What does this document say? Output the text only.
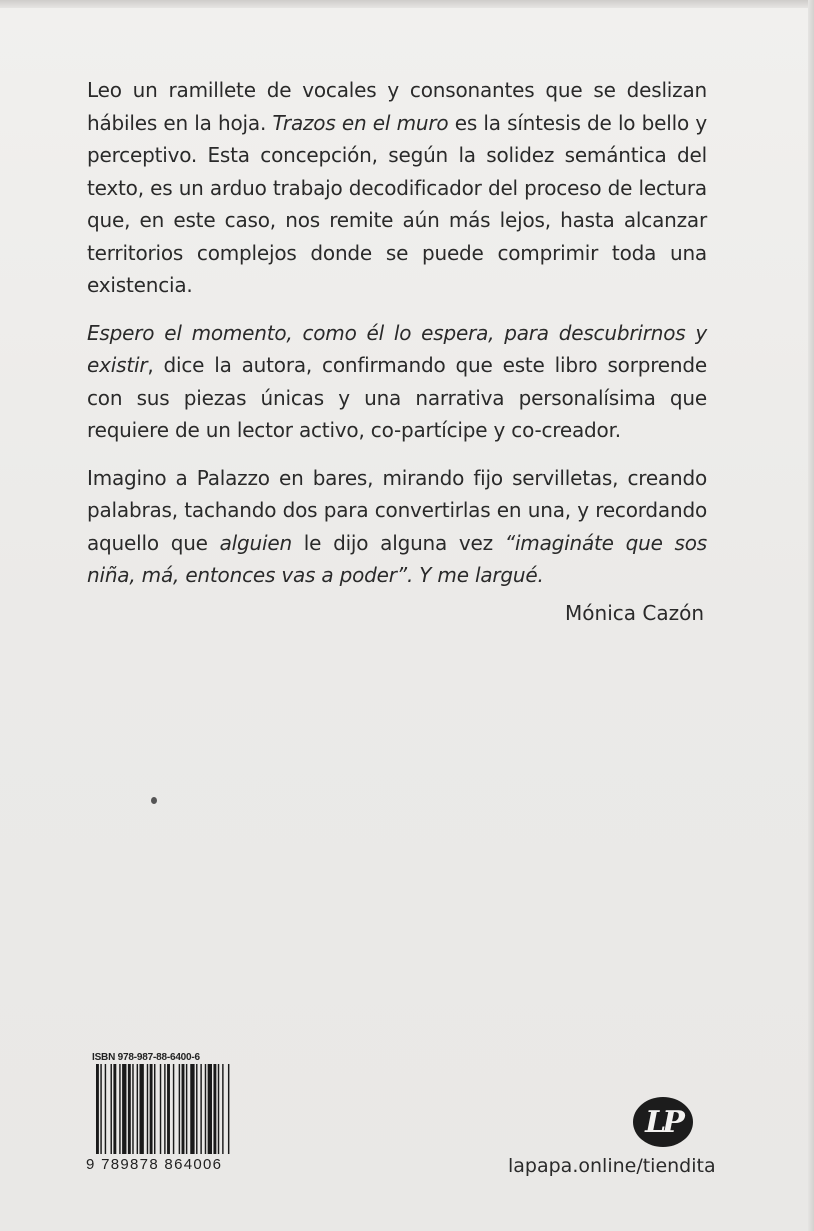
Leo un ramillete de vocales y consonantes que se deslizan hábiles en la hoja. Trazos en el muro es la síntesis de lo bello y perceptivo. Esta concepción, según la solidez semántica del texto, es un arduo trabajo decodificador del proceso de lectura que, en este caso, nos remite aún más lejos, hasta alcanzar territorios complejos donde se puede comprimir toda una existencia.

Espero el momento, como él lo espera, para descubrirnos y existir, dice la autora, confirmando que este libro sorprende con sus piezas únicas y una narrativa personalísima que requiere de un lector activo, co-partícipe y co-creador.

Imagino a Palazzo en bares, mirando fijo servilletas, creando palabras, tachando dos para convertirlas en una, y recordando aquello que alguien le dijo alguna vez “imagináte que sos niña, má, entonces vas a poder”. Y me largué.

Mónica Cazón
ISBN 978-987-88-6400-6
9 789878 864006
LP
lapapa.online/tiendita
